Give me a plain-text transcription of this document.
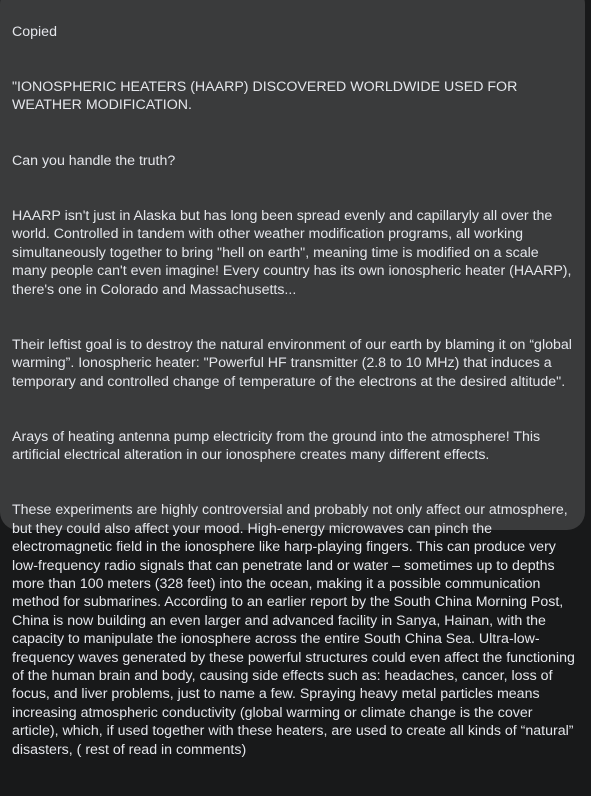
Copied

"IONOSPHERIC HEATERS (HAARP) DISCOVERED WORLDWIDE USED FOR WEATHER MODIFICATION.

Can you handle the truth?

HAARP isn't just in Alaska but has long been spread evenly and capillaryly all over the world. Controlled in tandem with other weather modification programs, all working simultaneously together to bring "hell on earth", meaning time is modified on a scale many people can't even imagine! Every country has its own ionospheric heater (HAARP), there's one in Colorado and Massachusetts...

Their leftist goal is to destroy the natural environment of our earth by blaming it on “global warming”. Ionospheric heater: "Powerful HF transmitter (2.8 to 10 MHz) that induces a temporary and controlled change of temperature of the electrons at the desired altitude".

Arays of heating antenna pump electricity from the ground into the atmosphere! This artificial electrical alteration in our ionosphere creates many different effects.

These experiments are highly controversial and probably not only affect our atmosphere, but they could also affect your mood. High-energy microwaves can pinch the electromagnetic field in the ionosphere like harp-playing fingers. This can produce very low-frequency radio signals that can penetrate land or water – sometimes up to depths more than 100 meters (328 feet) into the ocean, making it a possible communication method for submarines. According to an earlier report by the South China Morning Post, China is now building an even larger and advanced facility in Sanya, Hainan, with the capacity to manipulate the ionosphere across the entire South China Sea. Ultra-low-frequency waves generated by these powerful structures could even affect the functioning of the human brain and body, causing side effects such as: headaches, cancer, loss of focus, and liver problems, just to name a few. Spraying heavy metal particles means increasing atmospheric conductivity (global warming or climate change is the cover article), which, if used together with these heaters, are used to create all kinds of “natural” disasters, ( rest of read in comments)
